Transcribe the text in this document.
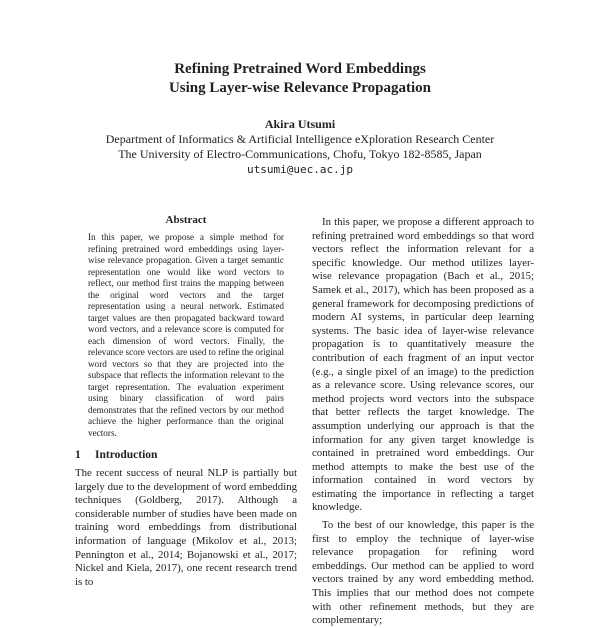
Refining Pretrained Word Embeddings

Using Layer-wise Relevance Propagation

Akira Utsumi
Department of Informatics & Artificial Intelligence eXploration Research Center
The University of Electro-Communications, Chofu, Tokyo 182-8585, Japan
utsumi@uec.ac.jp
Abstract

In this paper, we propose a simple method for refining pretrained word embeddings using layer-wise relevance propagation. Given a target semantic representation one would like word vectors to reflect, our method first trains the mapping between the original word vectors and the target representation using a neural network. Estimated target values are then propagated backward toward word vectors, and a relevance score is computed for each dimension of word vectors. Finally, the relevance score vectors are used to refine the original word vectors so that they are projected into the subspace that reflects the information relevant to the target representation. The evaluation experiment using binary classification of word pairs demonstrates that the refined vectors by our method achieve the higher performance than the original vectors.

1 Introduction

The recent success of neural NLP is partially but largely due to the development of word embedding techniques (Goldberg, 2017). Although a considerable number of studies have been made on training word embeddings from distributional information of language (Mikolov et al., 2013; Pennington et al., 2014; Bojanowski et al., 2017; Nickel and Kiela, 2017), one recent research trend is to

In this paper, we propose a different approach to refining pretrained word embeddings so that word vectors reflect the information relevant for a specific knowledge. Our method utilizes layer-wise relevance propagation (Bach et al., 2015; Samek et al., 2017), which has been proposed as a general framework for decomposing predictions of modern AI systems, in particular deep learning systems. The basic idea of layer-wise relevance propagation is to quantitatively measure the contribution of each fragment of an input vector (e.g., a single pixel of an image) to the prediction as a relevance score. Using relevance scores, our method projects word vectors into the subspace that better reflects the target knowledge. The assumption underlying our approach is that the information for any given target knowledge is contained in pretrained word embeddings. Our method attempts to make the best use of the information contained in word vectors by estimating the importance in reflecting a target knowledge.

To the best of our knowledge, this paper is the first to employ the technique of layer-wise relevance propagation for refining word embeddings. Our method can be applied to word vectors trained by any word embedding method. This implies that our method does not compete with other refinement methods, but they are complementary;
